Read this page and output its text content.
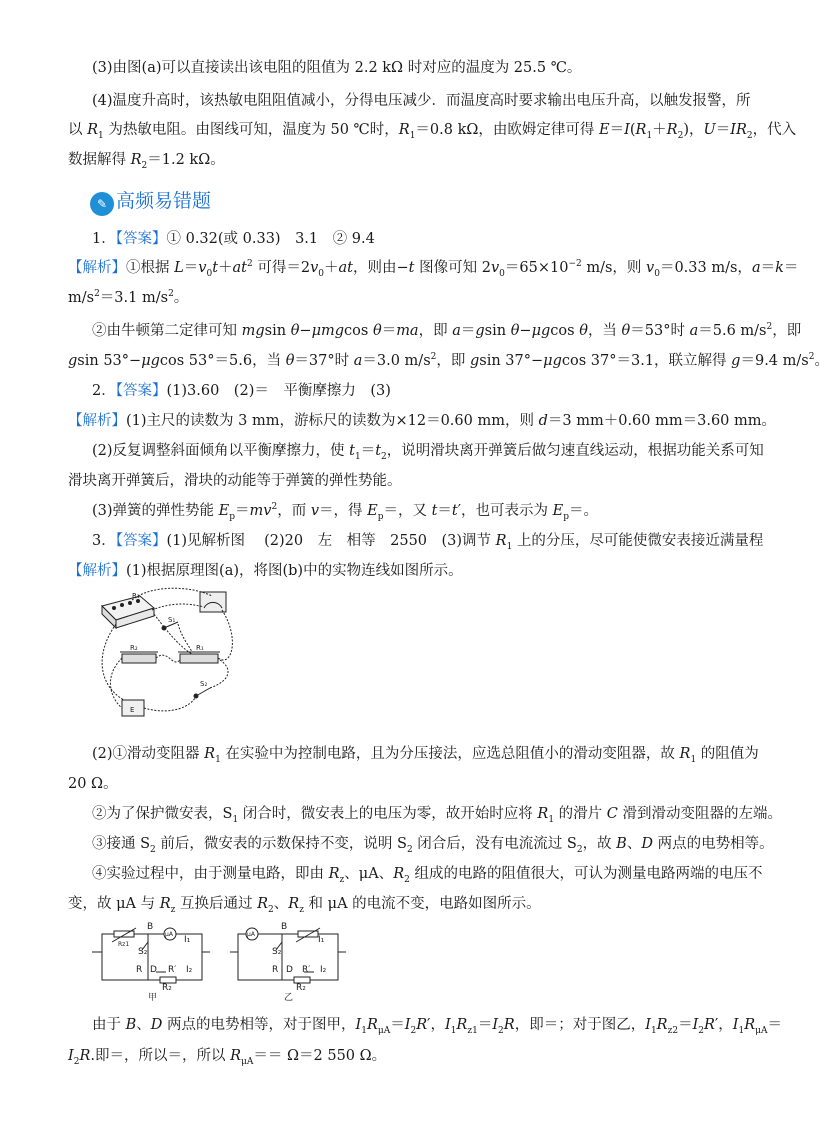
(3)由图(a)可以直接读出该电阻的阻值为 2.2 kΩ 时对应的温度为 25.5 ℃。
(4)温度升高时，该热敏电阻阻值减小，分得电压减少．而温度高时要求输出电压升高，以触发报警，所
以 $R_1$ 为热敏电阻。由图线可知，温度为 50 ℃时，$R_1=0.8$ kΩ，由欧姆定律可得 $E=I(R_1+R_2)$，$U=IR_2$，代入
数据解得 $R_2=1.2$ kΩ。
✎ 高频易错题
1．【答案】① 0.32(或 0.33)　3.1　② 9.4
【解析】①根据 $L=v_0t+at^2$ 可得$=2v_0+at$，则由−t 图像可知 $2v_0=65\times 10^{-2}$ m/s，则 $v_0=0.33$ m/s，a＝k＝
$m/s^2=3.1$ $m/s^2$。
②由牛顿第二定律可知 mgsin θ−μmgcos θ＝ma，即 a＝gsin θ−μgcos θ，当 θ＝53°时 a＝5.6 $m/s^2$，即
gsin 53°−μgcos 53°＝5.6，当 θ＝37°时 a＝3.0 $m/s^2$，即 gsin 37°−μgcos 37°＝3.1，联立解得 g＝9.4 $m/s^2$。
2．【答案】(1)3.60　(2)＝　平衡摩擦力　(3)
【解析】(1)主尺的读数为 3 mm，游标尺的读数为×12＝0.60 mm，则 d＝3 mm＋0.60 mm＝3.60 mm。
(2)反复调整斜面倾角以平衡摩擦力，使 $t_1=t_2$，说明滑块离开弹簧后做匀速直线运动，根据功能关系可知
滑块离开弹簧后，滑块的动能等于弹簧的弹性势能。
(3)弹簧的弹性势能 $E_p=mv^2$，而 v＝，得 $E_p=$，又 t＝t′，也可表示为 $E_p=$。
3．【答案】(1)见解析图　 (2)20　左　相等　2550　(3)调节 $R_1$ 上的分压，尽可能使微安表接近满量程
【解析】(1)根据原理图(a)，将图(b)中的实物连线如图所示。
R₁
S₁
R₂	R₁
S₂
E
(2)①滑动变阻器 $R_1$ 在实验中为控制电路，且为分压接法，应选总阻值小的滑动变阻器，故 $R_1$ 的阻值为
20 Ω。
②为了保护微安表，$S_1$ 闭合时，微安表上的电压为零，故开始时应将 $R_1$ 的滑片 C 滑到滑动变阻器的左端。
③接通 $S_2$ 前后，微安表的示数保持不变，说明 $S_2$ 闭合后，没有电流流过 $S_2$，故 B、D 两点的电势相等。
④实验过程中，由于测量电路，即由 $R_z$、μA、$R_2$ 组成的电路的阻值很大，可认为测量电路两端的电压不
变，故 μA 与 $R_z$ 互换后通过 $R_2$、$R_z$ 和 μA 的电流不变，电路如图所示。
B
μA
I₁
S₂
R D R′ I₂
R₂
Rz1
甲
μA
B
I₁
S₂
R D R′ I₂
R₂
乙
由于 B、D 两点的电势相等，对于图甲，$I_1R_{\mu A}=I_2R'$，$I_1R_{z1}=I_2R$，即＝；对于图乙，$I_1R_{z2}=I_2R'$，$I_1R_{\mu A}=$
$I_2R$.即＝，所以＝，所以 $R_{\mu A}== \Omega=2$ 550 Ω。
